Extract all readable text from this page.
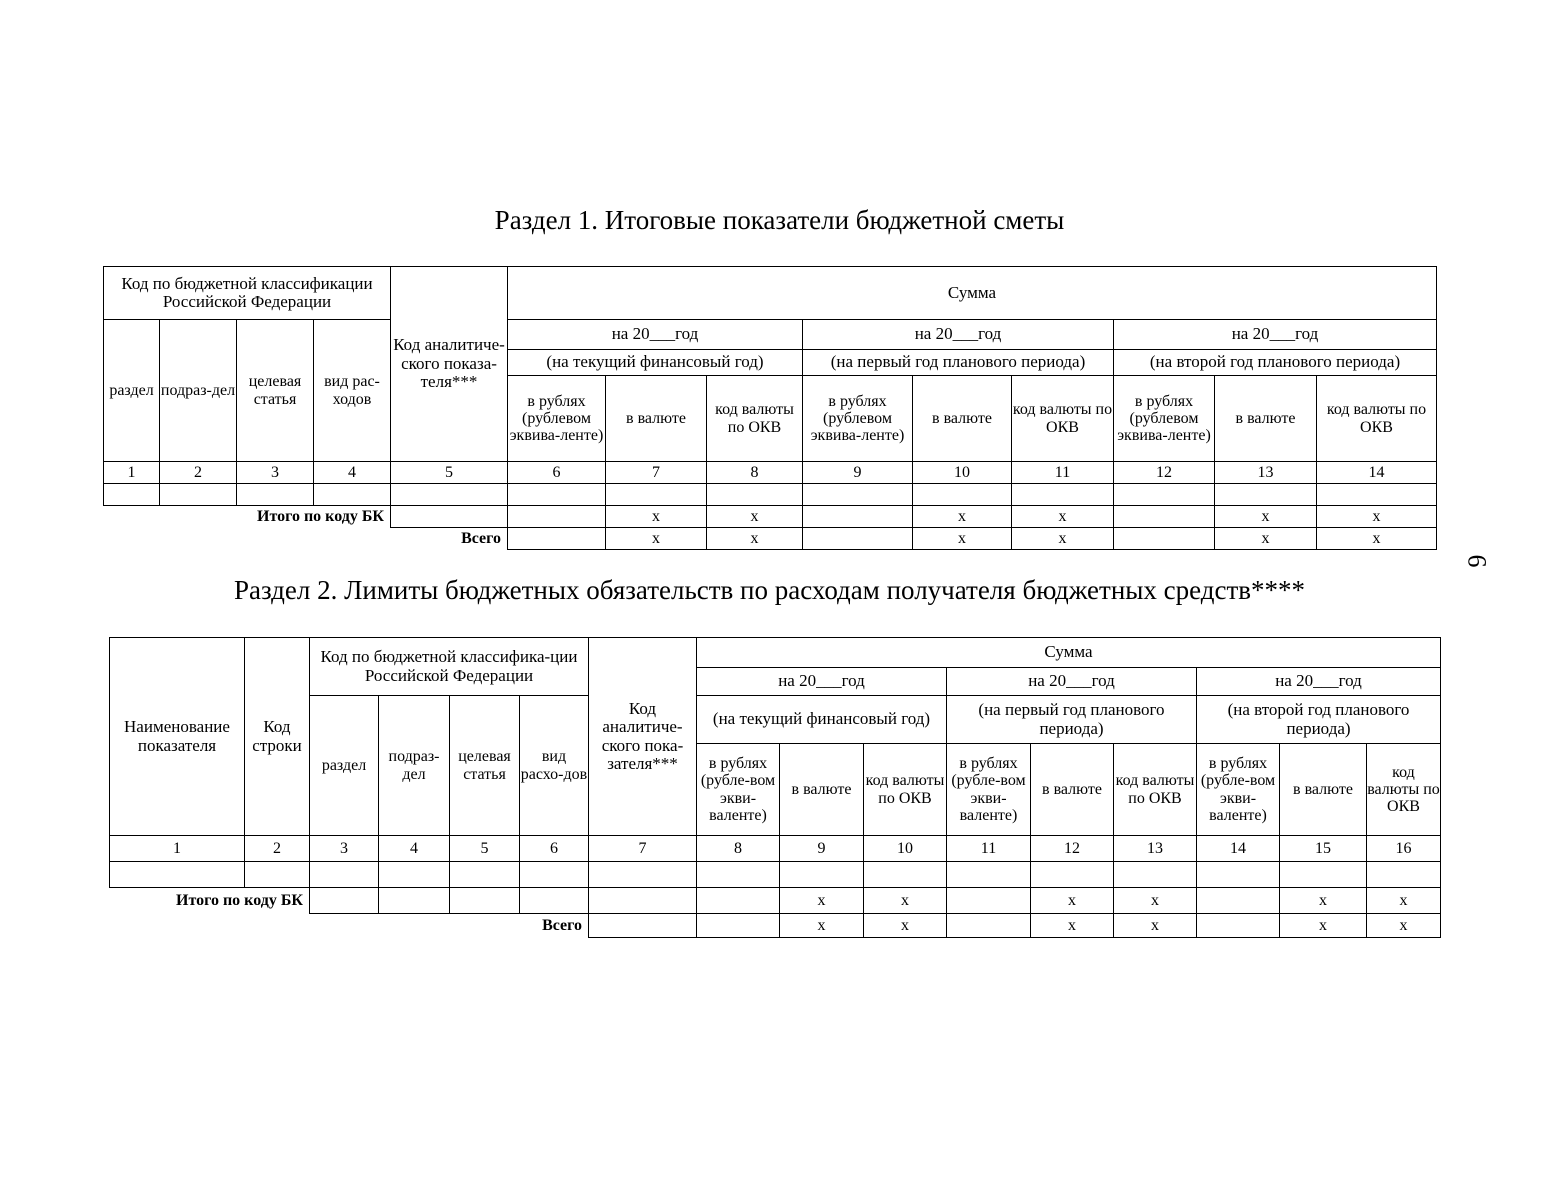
Раздел 1. Итоговые показатели бюджетной сметы
6
Код по бюджетной классификации Российской Федерации				Код аналитиче-ского показа-теля***	Сумма								
раздел	подраз-дел	целевая статья	вид рас-ходов		на 20___год			на 20___год			на 20___год		
					(на текущий финансовый год)			(на первый год планового периода)			(на второй год планового периода)		
					в рублях (рублевом эквива-ленте)	в валюте	код валюты по ОКВ	в рублях (рублевом эквива-ленте)	в валюте	код валюты по ОКВ	в рублях (рублевом эквива-ленте)	в валюте	код валюты по ОКВ
1	2	3	4	5	6	7	8	9	10	11	12	13	14

Итого по коду БК						х	х		х	х		х	х
Всего						х	х		х	х		х	х
Раздел 2. Лимиты бюджетных обязательств по расходам получателя бюджетных средств****
Наименование показателя	Код строки	Код по бюджетной классифика-ции Российской Федерации				Код аналитиче-ского пока-зателя***	Сумма								
							на 20___год			на 20___год			на 20___год		
		раздел	подраз-дел	целевая статья	вид расхо-дов		(на текущий финансовый год)			(на первый год планового периода)			(на второй год планового периода)		
							в рублях (рубле-вом экви-валенте)	в валюте	код валюты по ОКВ	в рублях (рубле-вом экви-валенте)	в валюте	код валюты по ОКВ	в рублях (рубле-вом экви-валенте)	в валюте	код валюты по ОКВ
1	2	3	4	5	6	7	8	9	10	11	12	13	14	15	16

Итого по коду БК								х	х		х	х		х	х
Всего								х	х		х	х		х	х
